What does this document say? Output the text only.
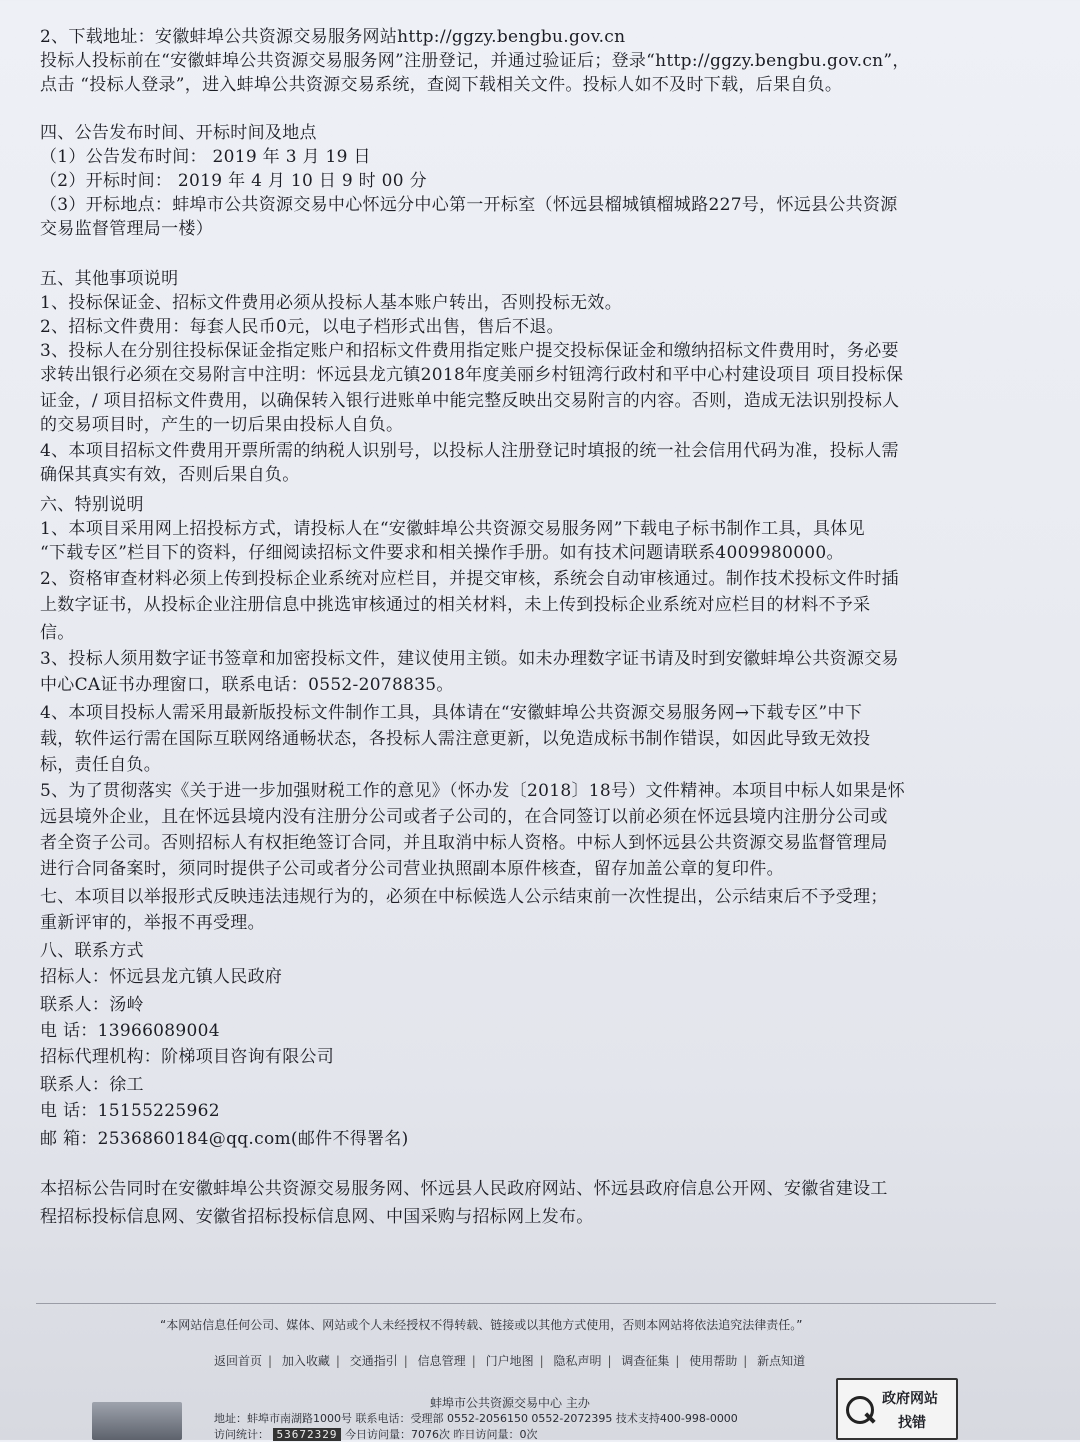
2、下载地址：安徽蚌埠公共资源交易服务网站http://ggzy.bengbu.gov.cn
投标人投标前在“安徽蚌埠公共资源交易服务网”注册登记，并通过验证后；登录“http://ggzy.bengbu.gov.cn”，
点击 “投标人登录”，进入蚌埠公共资源交易系统，查阅下载相关文件。投标人如不及时下载，后果自负。
四、公告发布时间、开标时间及地点
（1）公告发布时间： 2019 年 3 月 19 日
（2）开标时间： 2019 年 4 月 10 日 9 时 00 分
（3）开标地点：蚌埠市公共资源交易中心怀远分中心第一开标室（怀远县榴城镇榴城路227号，怀远县公共资源
交易监督管理局一楼）
五、其他事项说明
1、投标保证金、招标文件费用必须从投标人基本账户转出，否则投标无效。
2、招标文件费用：每套人民币0元，以电子档形式出售，售后不退。
3、投标人在分别往投标保证金指定账户和招标文件费用指定账户提交投标保证金和缴纳招标文件费用时，务必要
求转出银行必须在交易附言中注明：怀远县龙亢镇2018年度美丽乡村钮湾行政村和平中心村建设项目 项目投标保
证金，/ 项目招标文件费用，以确保转入银行进账单中能完整反映出交易附言的内容。否则，造成无法识别投标人
的交易项目时，产生的一切后果由投标人自负。
4、本项目招标文件费用开票所需的纳税人识别号，以投标人注册登记时填报的统一社会信用代码为准，投标人需
确保其真实有效，否则后果自负。
六、特别说明
1、本项目采用网上招投标方式，请投标人在“安徽蚌埠公共资源交易服务网”下载电子标书制作工具，具体见
“下载专区”栏目下的资料，仔细阅读招标文件要求和相关操作手册。如有技术问题请联系4009980000。
2、资格审查材料必须上传到投标企业系统对应栏目，并提交审核，系统会自动审核通过。制作技术投标文件时插
上数字证书，从投标企业注册信息中挑选审核通过的相关材料，未上传到投标企业系统对应栏目的材料不予采
信。
3、投标人须用数字证书签章和加密投标文件，建议使用主锁。如未办理数字证书请及时到安徽蚌埠公共资源交易
中心CA证书办理窗口，联系电话：0552-2078835。
4、本项目投标人需采用最新版投标文件制作工具，具体请在“安徽蚌埠公共资源交易服务网→下载专区”中下
载，软件运行需在国际互联网络通畅状态，各投标人需注意更新，以免造成标书制作错误，如因此导致无效投
标，责任自负。
5、为了贯彻落实《关于进一步加强财税工作的意见》（怀办发〔2018〕18号）文件精神。本项目中标人如果是怀
远县境外企业，且在怀远县境内没有注册分公司或者子公司的，在合同签订以前必须在怀远县境内注册分公司或
者全资子公司。否则招标人有权拒绝签订合同，并且取消中标人资格。中标人到怀远县公共资源交易监督管理局
进行合同备案时，须同时提供子公司或者分公司营业执照副本原件核查，留存加盖公章的复印件。
七、本项目以举报形式反映违法违规行为的，必须在中标候选人公示结束前一次性提出，公示结束后不予受理；
重新评审的，举报不再受理。
八、联系方式
招标人：怀远县龙亢镇人民政府
联系人：汤岭
电 话：13966089004
招标代理机构：阶梯项目咨询有限公司
联系人：徐工
电 话：15155225962
邮 箱：2536860184@qq.com(邮件不得署名)
本招标公告同时在安徽蚌埠公共资源交易服务网、怀远县人民政府网站、怀远县政府信息公开网、安徽省建设工
程招标投标信息网、安徽省招标投标信息网、中国采购与招标网上发布。
“本网站信息任何公司、媒体、网站或个人未经授权不得转载、链接或以其他方式使用，否则本网站将依法追究法律责任。”
返回首页 | 加入收藏 | 交通指引 | 信息管理 | 门户地图 | 隐私声明 | 调查征集 | 使用帮助 | 新点知道
蚌埠市公共资源交易中心 主办
地址：蚌埠市南湖路1000号 联系电话：受理部 0552-2056150 0552-2072395 技术支持400-998-0000
访问统计： 53672329 今日访问量：7076次 昨日访问量：0次
政府网站
找错
